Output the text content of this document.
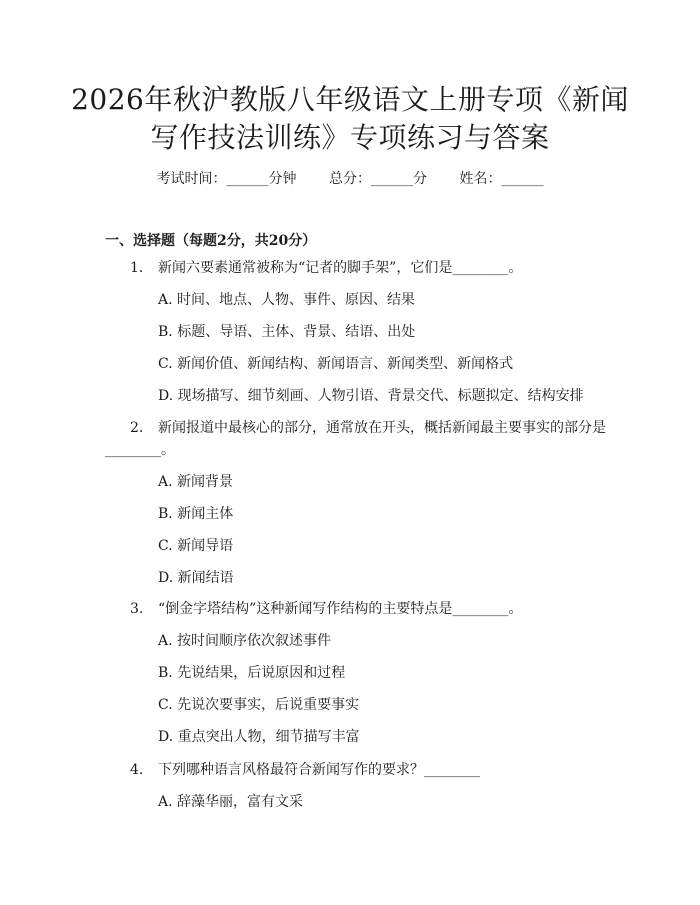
2026年秋沪教版八年级语文上册专项《新闻
写作技法训练》专项练习与答案
考试时间：______分钟 总分：______分 姓名：______
一、选择题（每题2分，共20分）
1. 新闻六要素通常被称为“记者的脚手架”，它们是________。
A. 时间、地点、人物、事件、原因、结果
B. 标题、导语、主体、背景、结语、出处
C. 新闻价值、新闻结构、新闻语言、新闻类型、新闻格式
D. 现场描写、细节刻画、人物引语、背景交代、标题拟定、结构安排
2. 新闻报道中最核心的部分，通常放在开头，概括新闻最主要事实的部分是
________。
A. 新闻背景
B. 新闻主体
C. 新闻导语
D. 新闻结语
3. “倒金字塔结构”这种新闻写作结构的主要特点是________。
A. 按时间顺序依次叙述事件
B. 先说结果，后说原因和过程
C. 先说次要事实，后说重要事实
D. 重点突出人物，细节描写丰富
4. 下列哪种语言风格最符合新闻写作的要求？________
A. 辞藻华丽，富有文采
